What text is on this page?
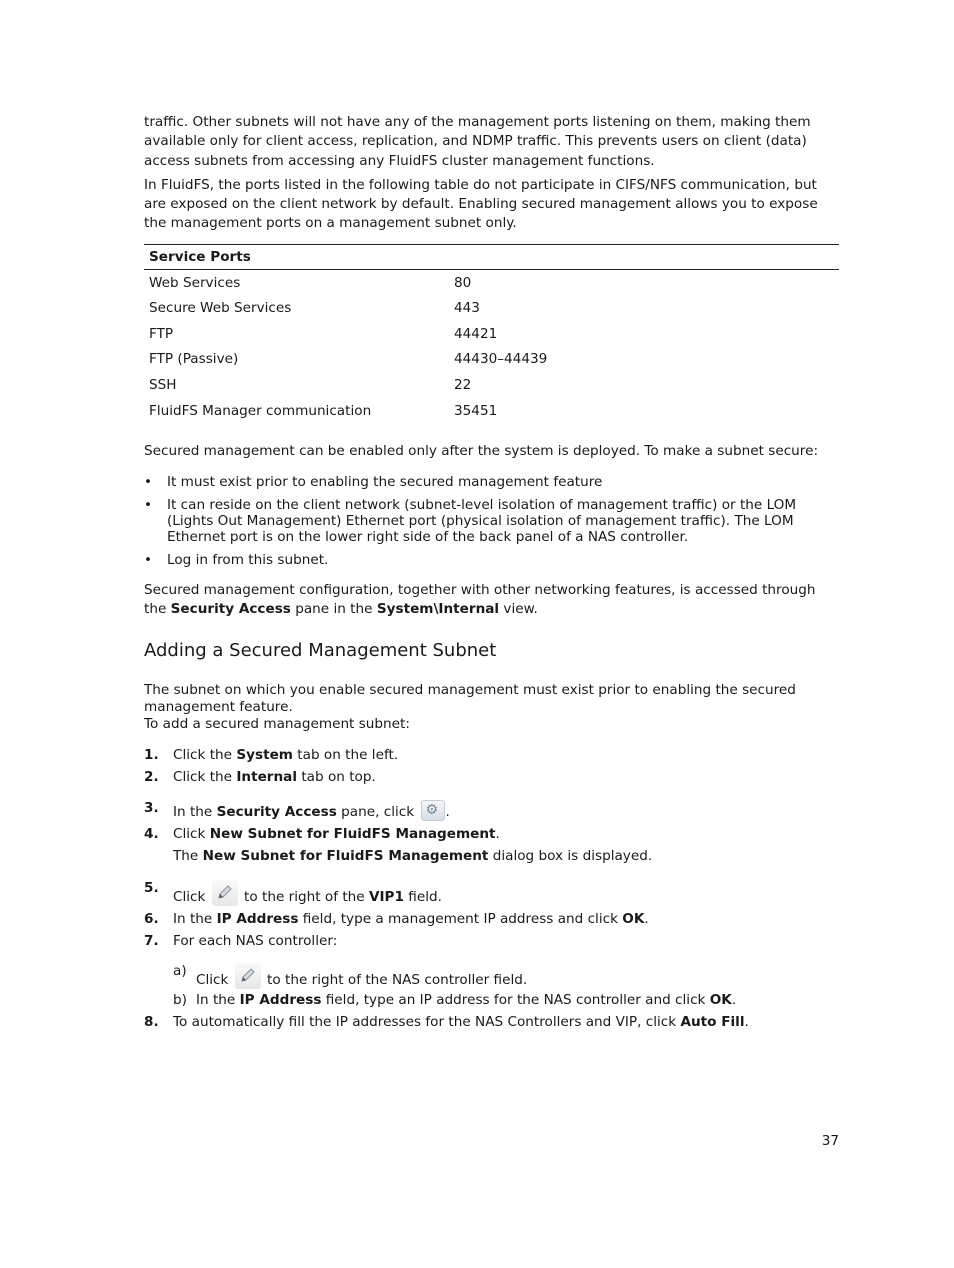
traffic. Other subnets will not have any of the management ports listening on them, making them available only for client access, replication, and NDMP traffic. This prevents users on client (data) access subnets from accessing any FluidFS cluster management functions.

In FluidFS, the ports listed in the following table do not participate in CIFS/NFS communication, but are exposed on the client network by default. Enabling secured management allows you to expose the management ports on a management subnet only.

Service Ports	
Web Services	80
Secure Web Services	443
FTP	44421
FTP (Passive)	44430–44439
SSH	22
FluidFS Manager communication	35451

Secured management can be enabled only after the system is deployed. To make a subnet secure:

• It must exist prior to enabling the secured management feature
• It can reside on the client network (subnet-level isolation of management traffic) or the LOM (Lights Out Management) Ethernet port (physical isolation of management traffic). The LOM Ethernet port is on the lower right side of the back panel of a NAS controller.
• Log in from this subnet.

Secured management configuration, together with other networking features, is accessed through the Security Access pane in the System\Internal view.

Adding a Secured Management Subnet
The subnet on which you enable secured management must exist prior to enabling the secured management feature.
To add a secured management subnet:
1. Click the System tab on the left.
2. Click the Internal tab on top.
3. In the Security Access pane, click ⚙ .
4. Click New Subnet for FluidFS Management.
The New Subnet for FluidFS Management dialog box is displayed.
5.
Click
to the right of the VIP1 field.
6. In the IP Address field, type a management IP address and click OK.
7. For each NAS controller:
a)
Click
to the right of the NAS controller field.
b) In the IP Address field, type an IP address for the NAS controller and click OK.
8. To automatically fill the IP addresses for the NAS Controllers and VIP, click Auto Fill.
37
